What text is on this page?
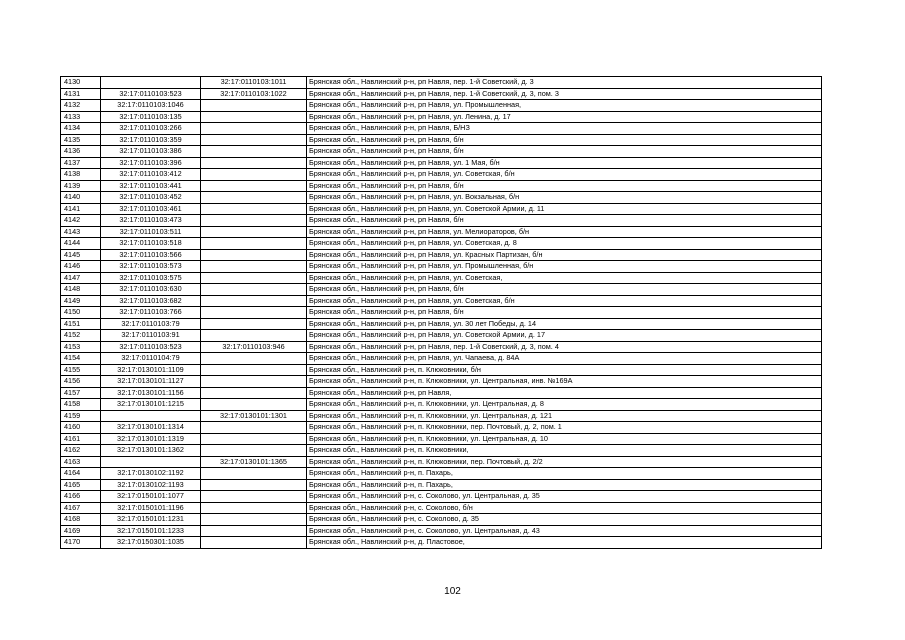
4130		32:17:0110103:1011	Брянская обл., Навлинский р-н, рп Навля, пер. 1-й Советский, д. 3
4131	32:17:0110103:523	32:17:0110103:1022	Брянская обл., Навлинский р-н, рп Навля, пер. 1-й Советский, д. 3, пом. 3
4132	32:17:0110103:1046		Брянская обл., Навлинский р-н, рп Навля, ул. Промышленная,
4133	32:17:0110103:135		Брянская обл., Навлинский р-н, рп Навля, ул. Ленина, д. 17
4134	32:17:0110103:266		Брянская обл., Навлинский р-н, рп Навля, Б/НЗ
4135	32:17:0110103:359		Брянская обл., Навлинский р-н, рп Навля, б/н
4136	32:17:0110103:386		Брянская обл., Навлинский р-н, рп Навля, б/н
4137	32:17:0110103:396		Брянская обл., Навлинский р-н, рп Навля, ул. 1 Мая, б/н
4138	32:17:0110103:412		Брянская обл., Навлинский р-н, рп Навля, ул. Советская, б/н
4139	32:17:0110103:441		Брянская обл., Навлинский р-н, рп Навля, б/н
4140	32:17:0110103:452		Брянская обл., Навлинский р-н, рп Навля, ул. Вокзальная, б/н
4141	32:17:0110103:461		Брянская обл., Навлинский р-н, рп Навля, ул. Советской Армии, д. 11
4142	32:17:0110103:473		Брянская обл., Навлинский р-н, рп Навля, б/н
4143	32:17:0110103:511		Брянская обл., Навлинский р-н, рп Навля, ул. Мелиораторов, б/н
4144	32:17:0110103:518		Брянская обл., Навлинский р-н, рп Навля, ул. Советская, д. 8
4145	32:17:0110103:566		Брянская обл., Навлинский р-н, рп Навля, ул. Красных Партизан, б/н
4146	32:17:0110103:573		Брянская обл., Навлинский р-н, рп Навля, ул. Промышленная, б/н
4147	32:17:0110103:575		Брянская обл., Навлинский р-н, рп Навля, ул. Советская,
4148	32:17:0110103:630		Брянская обл., Навлинский р-н, рп Навля, б/н
4149	32:17:0110103:682		Брянская обл., Навлинский р-н, рп Навля, ул. Советская, б/н
4150	32:17:0110103:766		Брянская обл., Навлинский р-н, рп Навля, б/н
4151	32:17:0110103:79		Брянская обл., Навлинский р-н, рп Навля, ул. 30 лет Победы, д. 14
4152	32:17:0110103:91		Брянская обл., Навлинский р-н, рп Навля, ул. Советской Армии, д. 17
4153	32:17:0110103:523	32:17:0110103:946	Брянская обл., Навлинский р-н, рп Навля, пер. 1-й Советский, д. 3, пом. 4
4154	32:17:0110104:79		Брянская обл., Навлинский р-н, рп Навля, ул. Чапаева, д. 84А
4155	32:17:0130101:1109		Брянская обл., Навлинский р-н, п. Клюковники, б/н
4156	32:17:0130101:1127		Брянская обл., Навлинский р-н, п. Клюковники, ул. Центральная, инв. №169А
4157	32:17:0130101:1156		Брянская обл., Навлинский р-н, рп Навля,
4158	32:17:0130101:1215		Брянская обл., Навлинский р-н, п. Клюковники, ул. Центральная, д. 8
4159		32:17:0130101:1301	Брянская обл., Навлинский р-н, п. Клюковники, ул. Центральная, д. 121
4160	32:17:0130101:1314		Брянская обл., Навлинский р-н, п. Клюковники, пер. Почтовый, д. 2, пом. 1
4161	32:17:0130101:1319		Брянская обл., Навлинский р-н, п. Клюковники, ул. Центральная, д. 10
4162	32:17:0130101:1362		Брянская обл., Навлинский р-н, п. Клюковники,
4163		32:17:0130101:1365	Брянская обл., Навлинский р-н, п. Клюковники, пер. Почтовый, д. 2/2
4164	32:17:0130102:1192		Брянская обл., Навлинский р-н, п. Пахарь,
4165	32:17:0130102:1193		Брянская обл., Навлинский р-н, п. Пахарь,
4166	32:17:0150101:1077		Брянская обл., Навлинский р-н, с. Соколово, ул. Центральная, д. 35
4167	32:17:0150101:1196		Брянская обл., Навлинский р-н, с. Соколово, б/н
4168	32:17:0150101:1231		Брянская обл., Навлинский р-н, с. Соколово, д. 35
4169	32:17:0150101:1233		Брянская обл., Навлинский р-н, с. Соколово, ул. Центральная, д. 43
4170	32:17:0150301:1035		Брянская обл., Навлинский р-н, д. Пластовое,
102
